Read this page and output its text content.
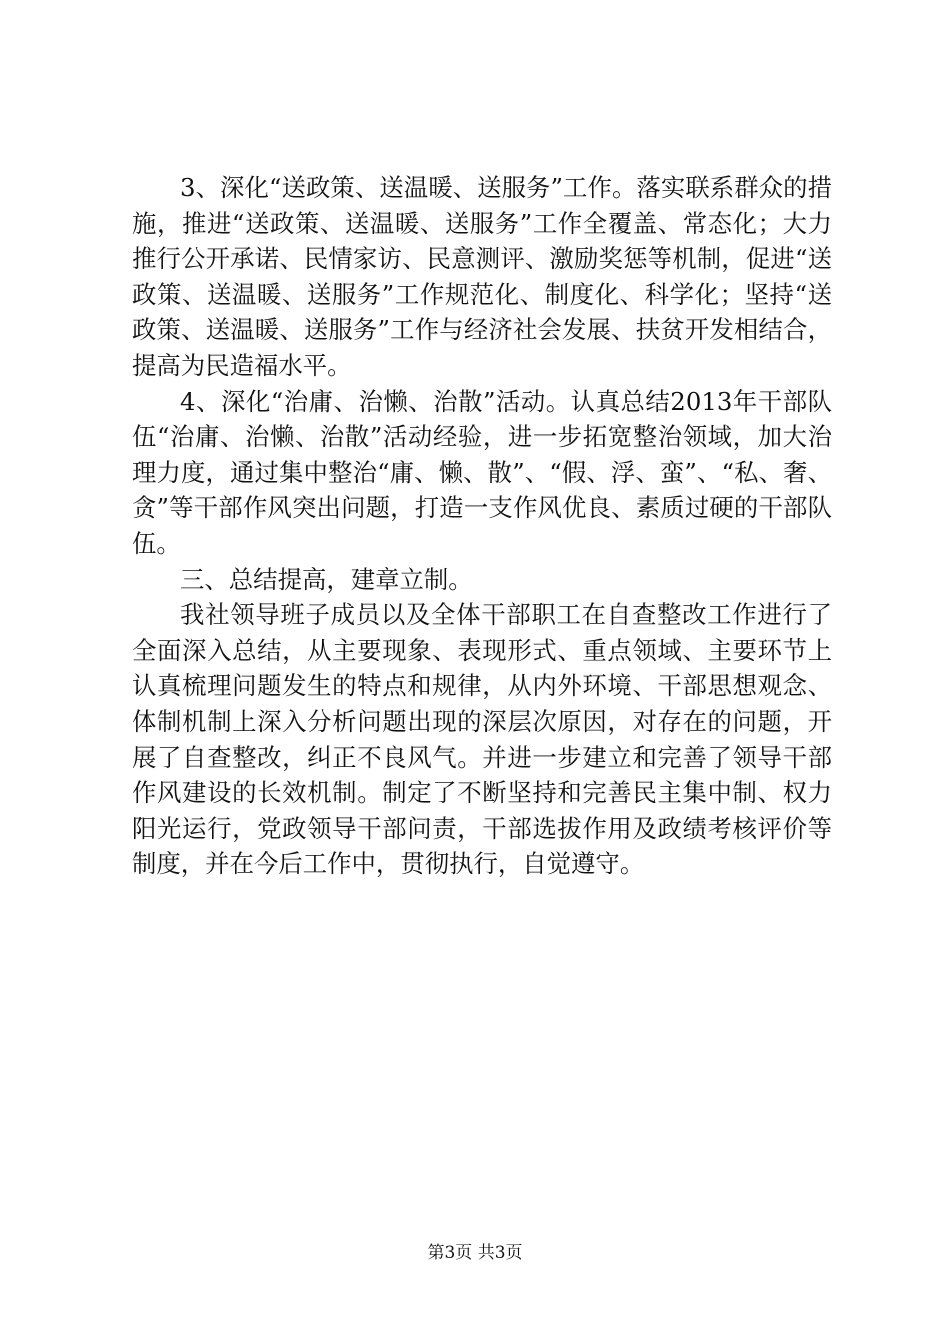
3、深化“送政策、送温暖、送服务”工作。落实联系群众的措施，推进“送政策、送温暖、送服务”工作全覆盖、常态化；大力推行公开承诺、民情家访、民意测评、激励奖惩等机制，促进“送政策、送温暖、送服务”工作规范化、制度化、科学化；坚持“送政策、送温暖、送服务”工作与经济社会发展、扶贫开发相结合，提高为民造福水平。

4、深化“治庸、治懒、治散”活动。认真总结2013年干部队伍“治庸、治懒、治散”活动经验，进一步拓宽整治领域，加大治理力度，通过集中整治“庸、懒、散”、“假、浮、蛮”、“私、奢、贪”等干部作风突出问题，打造一支作风优良、素质过硬的干部队伍。

三、总结提高，建章立制。

我社领导班子成员以及全体干部职工在自查整改工作进行了全面深入总结，从主要现象、表现形式、重点领域、主要环节上认真梳理问题发生的特点和规律，从内外环境、干部思想观念、体制机制上深入分析问题出现的深层次原因，对存在的问题，开展了自查整改，纠正不良风气。并进一步建立和完善了领导干部作风建设的长效机制。制定了不断坚持和完善民主集中制、权力阳光运行，党政领导干部问责，干部选拔作用及政绩考核评价等制度，并在今后工作中，贯彻执行，自觉遵守。

第3页 共3页
